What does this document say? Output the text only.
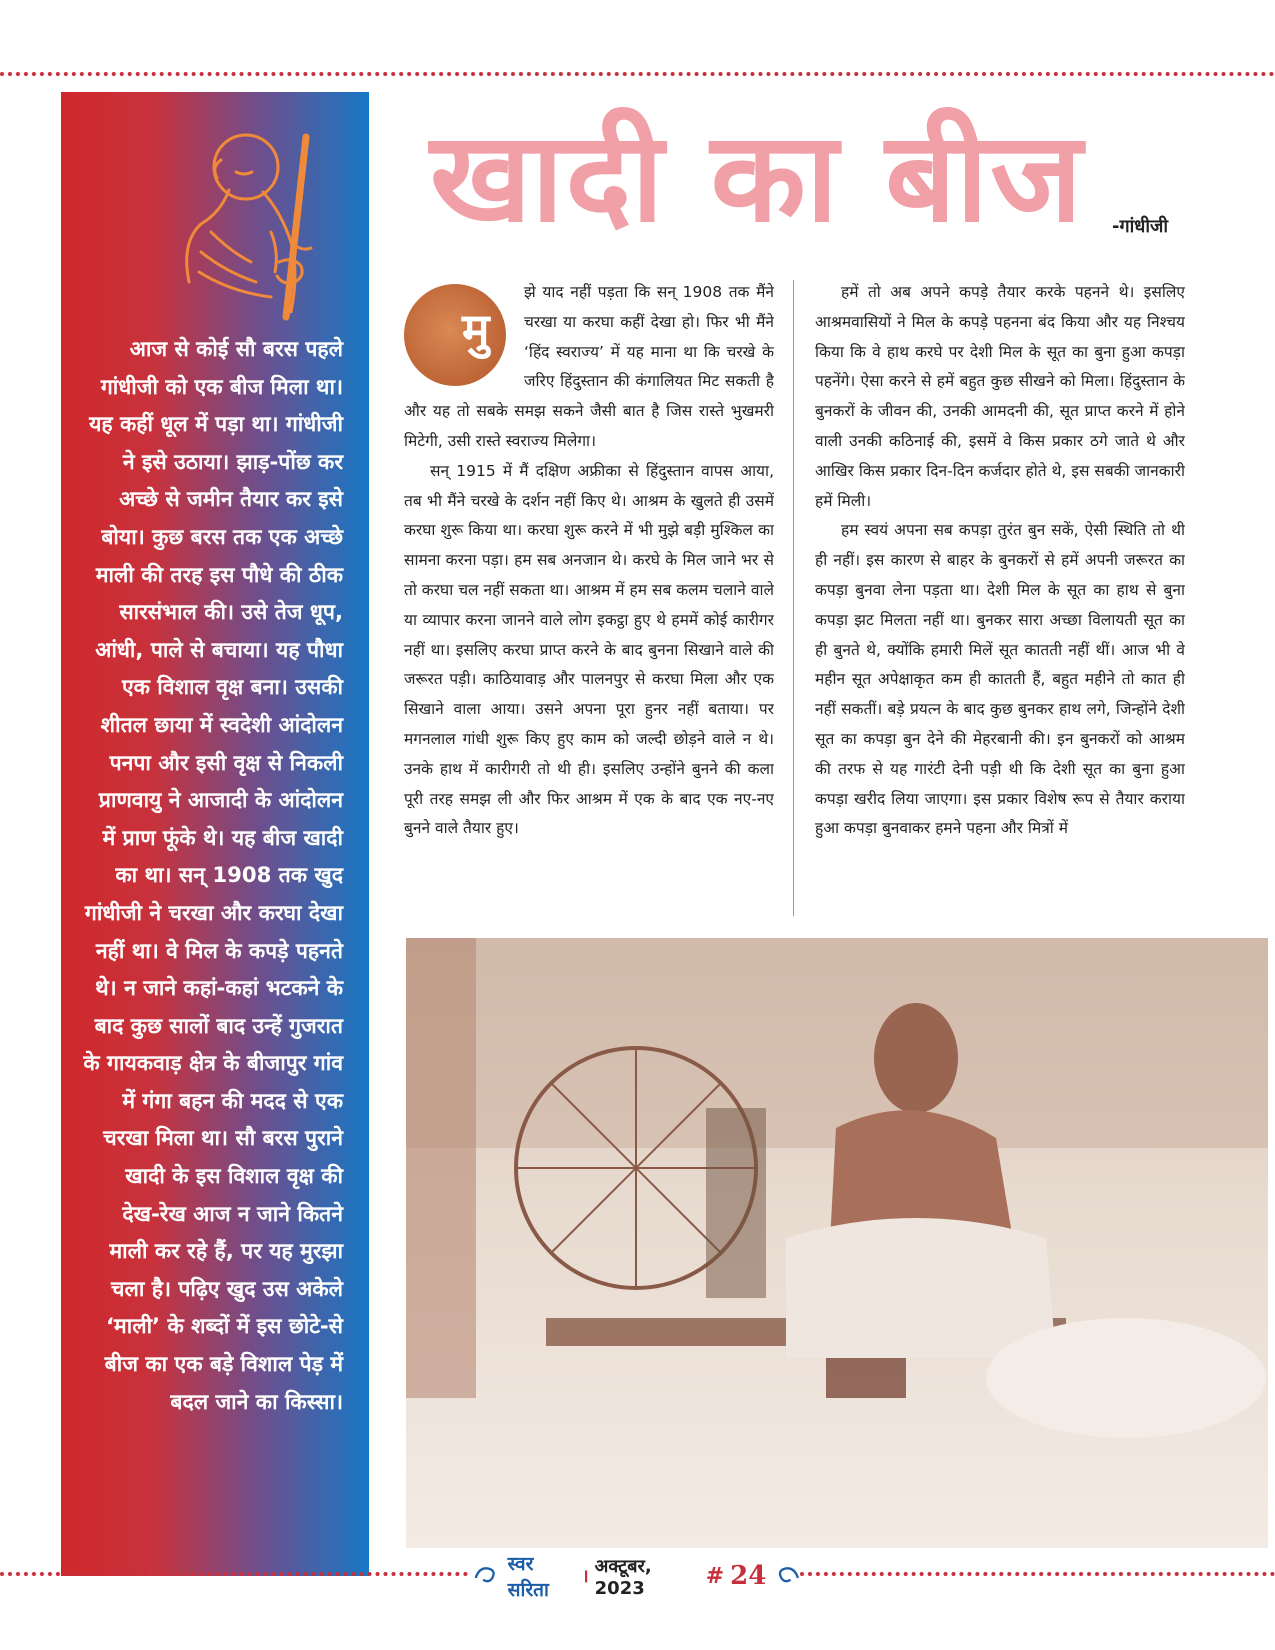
आज से कोई सौ बरस पहले गांधीजी को एक बीज मिला था। यह कहीं धूल में पड़ा था। गांधीजी ने इसे उठाया। झाड़-पोंछ कर अच्छे से जमीन तैयार कर इसे बोया। कुछ बरस तक एक अच्छे माली की तरह इस पौधे की ठीक सारसंभाल की। उसे तेज धूप, आंधी, पाले से बचाया। यह पौधा एक विशाल वृक्ष बना। उसकी शीतल छाया में स्वदेशी आंदोलन पनपा और इसी वृक्ष से निकली प्राणवायु ने आजादी के आंदोलन में प्राण फूंके थे। यह बीज खादी का था। सन् 1908 तक खुद गांधीजी ने चरखा और करघा देखा नहीं था। वे मिल के कपड़े पहनते थे। न जाने कहां-कहां भटकने के बाद कुछ सालों बाद उन्हें गुजरात के गायकवाड़ क्षेत्र के बीजापुर गांव में गंगा बहन की मदद से एक चरखा मिला था। सौ बरस पुराने खादी के इस विशाल वृक्ष की देख-रेख आज न जाने कितने माली कर रहे हैं, पर यह मुरझा चला है। पढ़िए खुद उस अकेले ‘माली’ के शब्दों में इस छोटे-से बीज का एक बड़े विशाल पेड़ में बदल जाने का किस्सा।
खादी का बीज	-गांधीजी
मु

झे याद नहीं पड़ता कि सन् 1908 तक मैंने चरखा या करघा कहीं देखा हो। फिर भी मैंने ‘हिंद स्वराज्य’ में यह माना था कि चरखे के जरिए हिंदुस्तान की कंगालियत मिट सकती है और यह तो सबके समझ सकने जैसी बात है जिस रास्ते भुखमरी मिटेगी, उसी रास्ते स्वराज्य मिलेगा।

सन् 1915 में मैं दक्षिण अफ्रीका से हिंदुस्तान वापस आया, तब भी मैंने चरखे के दर्शन नहीं किए थे। आश्रम के खुलते ही उसमें करघा शुरू किया था। करघा शुरू करने में भी मुझे बड़ी मुश्किल का सामना करना पड़ा। हम सब अनजान थे। करघे के मिल जाने भर से तो करघा चल नहीं सकता था। आश्रम में हम सब कलम चलाने वाले या व्यापार करना जानने वाले लोग इकट्ठा हुए थे हममें कोई कारीगर नहीं था। इसलिए करघा प्राप्त करने के बाद बुनना सिखाने वाले की जरूरत पड़ी। काठियावाड़ और पालनपुर से करघा मिला और एक सिखाने वाला आया। उसने अपना पूरा हुनर नहीं बताया। पर मगनलाल गांधी शुरू किए हुए काम को जल्दी छोड़ने वाले न थे। उनके हाथ में कारीगरी तो थी ही। इसलिए उन्होंने बुनने की कला पूरी तरह समझ ली और फिर आश्रम में एक के बाद एक नए-नए बुनने वाले तैयार हुए।

हमें तो अब अपने कपड़े तैयार करके पहनने थे। इसलिए आश्रमवासियों ने मिल के कपड़े पहनना बंद किया और यह निश्चय किया कि वे हाथ करघे पर देशी मिल के सूत का बुना हुआ कपड़ा पहनेंगे। ऐसा करने से हमें बहुत कुछ सीखने को मिला। हिंदुस्तान के बुनकरों के जीवन की, उनकी आमदनी की, सूत प्राप्त करने में होने वाली उनकी कठिनाई की, इसमें वे किस प्रकार ठगे जाते थे और आखिर किस प्रकार दिन-दिन कर्जदार होते थे, इस सबकी जानकारी हमें मिली।

हम स्वयं अपना सब कपड़ा तुरंत बुन सकें, ऐसी स्थिति तो थी ही नहीं। इस कारण से बाहर के बुनकरों से हमें अपनी जरूरत का कपड़ा बुनवा लेना पड़ता था। देशी मिल के सूत का हाथ से बुना कपड़ा झट मिलता नहीं था। बुनकर सारा अच्छा विलायती सूत का ही बुनते थे, क्योंकि हमारी मिलें सूत कातती नहीं थीं। आज भी वे महीन सूत अपेक्षाकृत कम ही कातती हैं, बहुत महीने तो कात ही नहीं सकतीं। बड़े प्रयत्न के बाद कुछ बुनकर हाथ लगे, जिन्होंने देशी सूत का कपड़ा बुन देने की मेहरबानी की। इन बुनकरों को आश्रम की तरफ से यह गारंटी देनी पड़ी थी कि देशी सूत का बुना हुआ कपड़ा खरीद लिया जाएगा। इस प्रकार विशेष रूप से तैयार कराया हुआ कपड़ा बुनवाकर हमने पहना और मित्रों में

स्वर सरिता
। अक्टूबर, 2023	# 24
